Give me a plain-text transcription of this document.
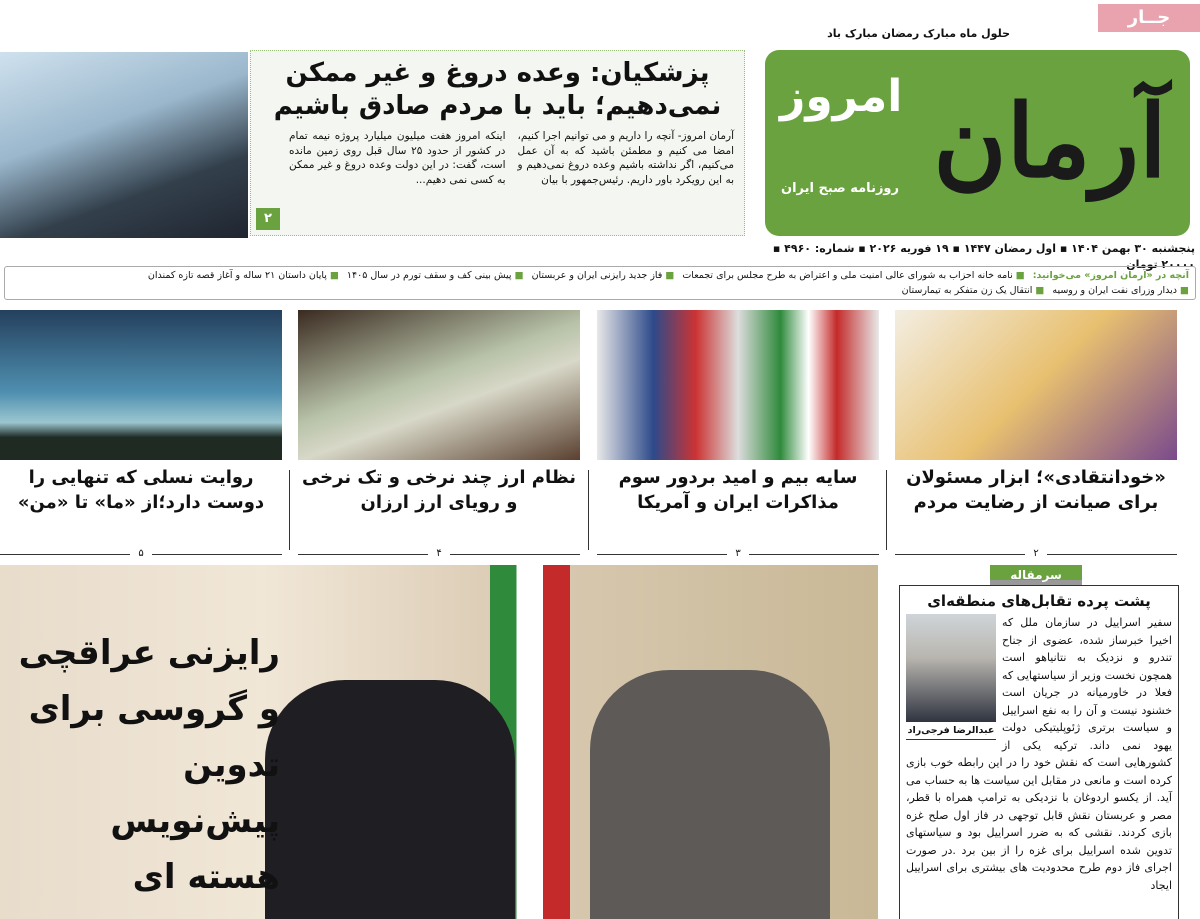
جــار
حلول ماه مبارک رمضان مبارک باد
آرمان
امروز
روزنامه صبح ایران
پنجشنبه ۳۰ بهمن ۱۴۰۴ ▪ اول رمضان ۱۴۴۷ ▪ ۱۹ فوریه ۲۰۲۶ ▪ شماره: ۴۹۶۰ ▪ ۲۰۰۰۰ تومان
پزشکیان: وعده دروغ و غیر ممکن نمی‌دهیم؛ باید با مردم صادق باشیم
آرمان امروز- آنچه را داریم و می توانیم اجرا کنیم، امضا می کنیم و مطمئن باشید که به آن عمل می‌کنیم، اگر نداشته باشیم وعده دروغ نمی‌دهیم و به این رویکرد باور داریم. رئیس‌جمهور با بیان
اینکه امروز هفت میلیون میلیارد پروژه نیمه تمام در کشور از حدود ۲۵ سال قبل روی زمین مانده است، گفت: در این دولت وعده دروغ و غیر ممکن به کسی نمی دهیم...
۲
آنچه در «آرمان امروز» می‌خوانید:
■ نامه خانه احزاب به شورای عالی امنیت ملی و اعتراض به طرح مجلس برای تجمعات
■ فاز جدید رایزنی ایران و عربستان
■ پیش بینی کف و سقف تورم در سال ۱۴۰۵
■ پایان داستان ۲۱ ساله و آغاز قصه تازه کمندان
■ دیدار وزرای نفت ایران و روسیه
■ انتقال یک زن متفکر به تیمارستان
«خودانتقادی»؛ ابزار مسئولان برای صیانت از رضایت مردم
۲
سایه بیم و امید بردور سوم مذاکرات ایران و آمریکا
۳
نظام ارز چند نرخی و تک نرخی و رویای ارز ارزان
۴
روایت نسلی که تنهایی را دوست دارد؛از «ما» تا «من»
۵
رایزنی عراقچی و گروسی برای تدوین پیش‌نویس هسته ای
سرمقاله
پشت پرده تقابل‌های منطقه‌ای
عبدالرضا فرجی‌راد
سفیر اسراییل در سازمان ملل که اخیرا خبرساز شده، عضوی از جناح تندرو و نزدیک به نتانیاهو است همچون نخست وزیر از سیاستهایی که فعلا در خاورمیانه در جریان است خشنود نیست و آن را به نفع اسراییل و سیاست برتری ژئوپلیتیکی دولت یهود نمی داند. ترکیه یکی از کشورهایی است که نقش خود را در این رابطه خوب بازی کرده است و مانعی در مقابل این سیاست ها به حساب می آید. از یکسو اردوغان با نزدیکی به ترامپ همراه با قطر، مصر و عربستان نقش قابل توجهی در فاز اول صلح غزه بازی کردند. نقشی که به ضرر اسراییل بود و سیاستهای تدوین شده اسراییل برای غزه را از بین برد .در صورت اجرای فاز دوم طرح محدودیت های بیشتری برای اسراییل ایجاد
